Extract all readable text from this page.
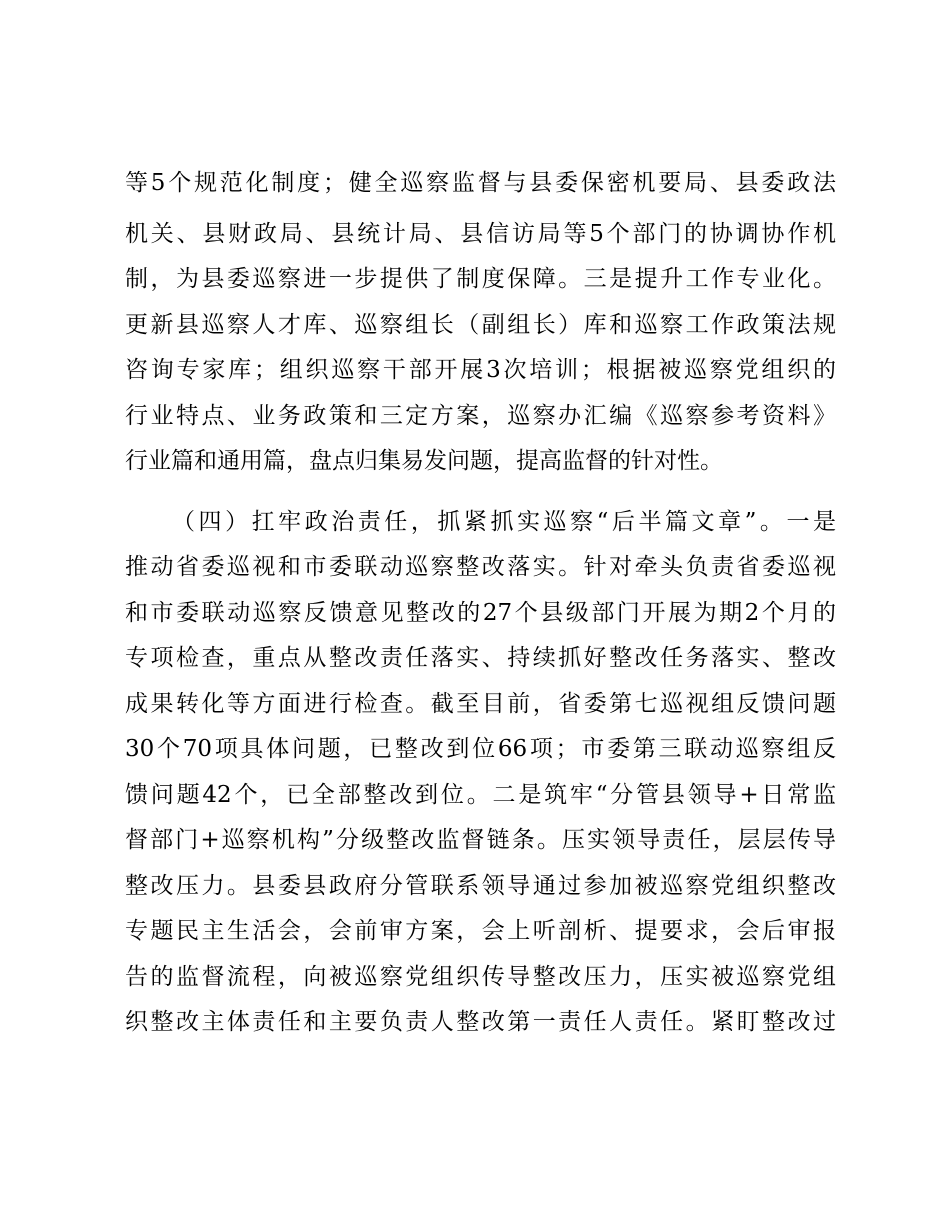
等5个规范化制度；健全巡察监督与县委保密机要局、县委政法
机关、县财政局、县统计局、县信访局等5个部门的协调协作机
制，为县委巡察进一步提供了制度保障。三是提升工作专业化。
更新县巡察人才库、巡察组长（副组长）库和巡察工作政策法规
咨询专家库；组织巡察干部开展3次培训；根据被巡察党组织的
行业特点、业务政策和三定方案，巡察办汇编《巡察参考资料》
行业篇和通用篇，盘点归集易发问题，提高监督的针对性。
（四）扛牢政治责任，抓紧抓实巡察“后半篇文章”。一是
推动省委巡视和市委联动巡察整改落实。针对牵头负责省委巡视
和市委联动巡察反馈意见整改的27个县级部门开展为期2个月的
专项检查，重点从整改责任落实、持续抓好整改任务落实、整改
成果转化等方面进行检查。截至目前，省委第七巡视组反馈问题
30个70项具体问题，已整改到位66项；市委第三联动巡察组反
馈问题42个，已全部整改到位。二是筑牢“分管县领导+日常监
督部门+巡察机构”分级整改监督链条。压实领导责任，层层传导
整改压力。县委县政府分管联系领导通过参加被巡察党组织整改
专题民主生活会，会前审方案，会上听剖析、提要求，会后审报
告的监督流程，向被巡察党组织传导整改压力，压实被巡察党组
织整改主体责任和主要负责人整改第一责任人责任。紧盯整改过
